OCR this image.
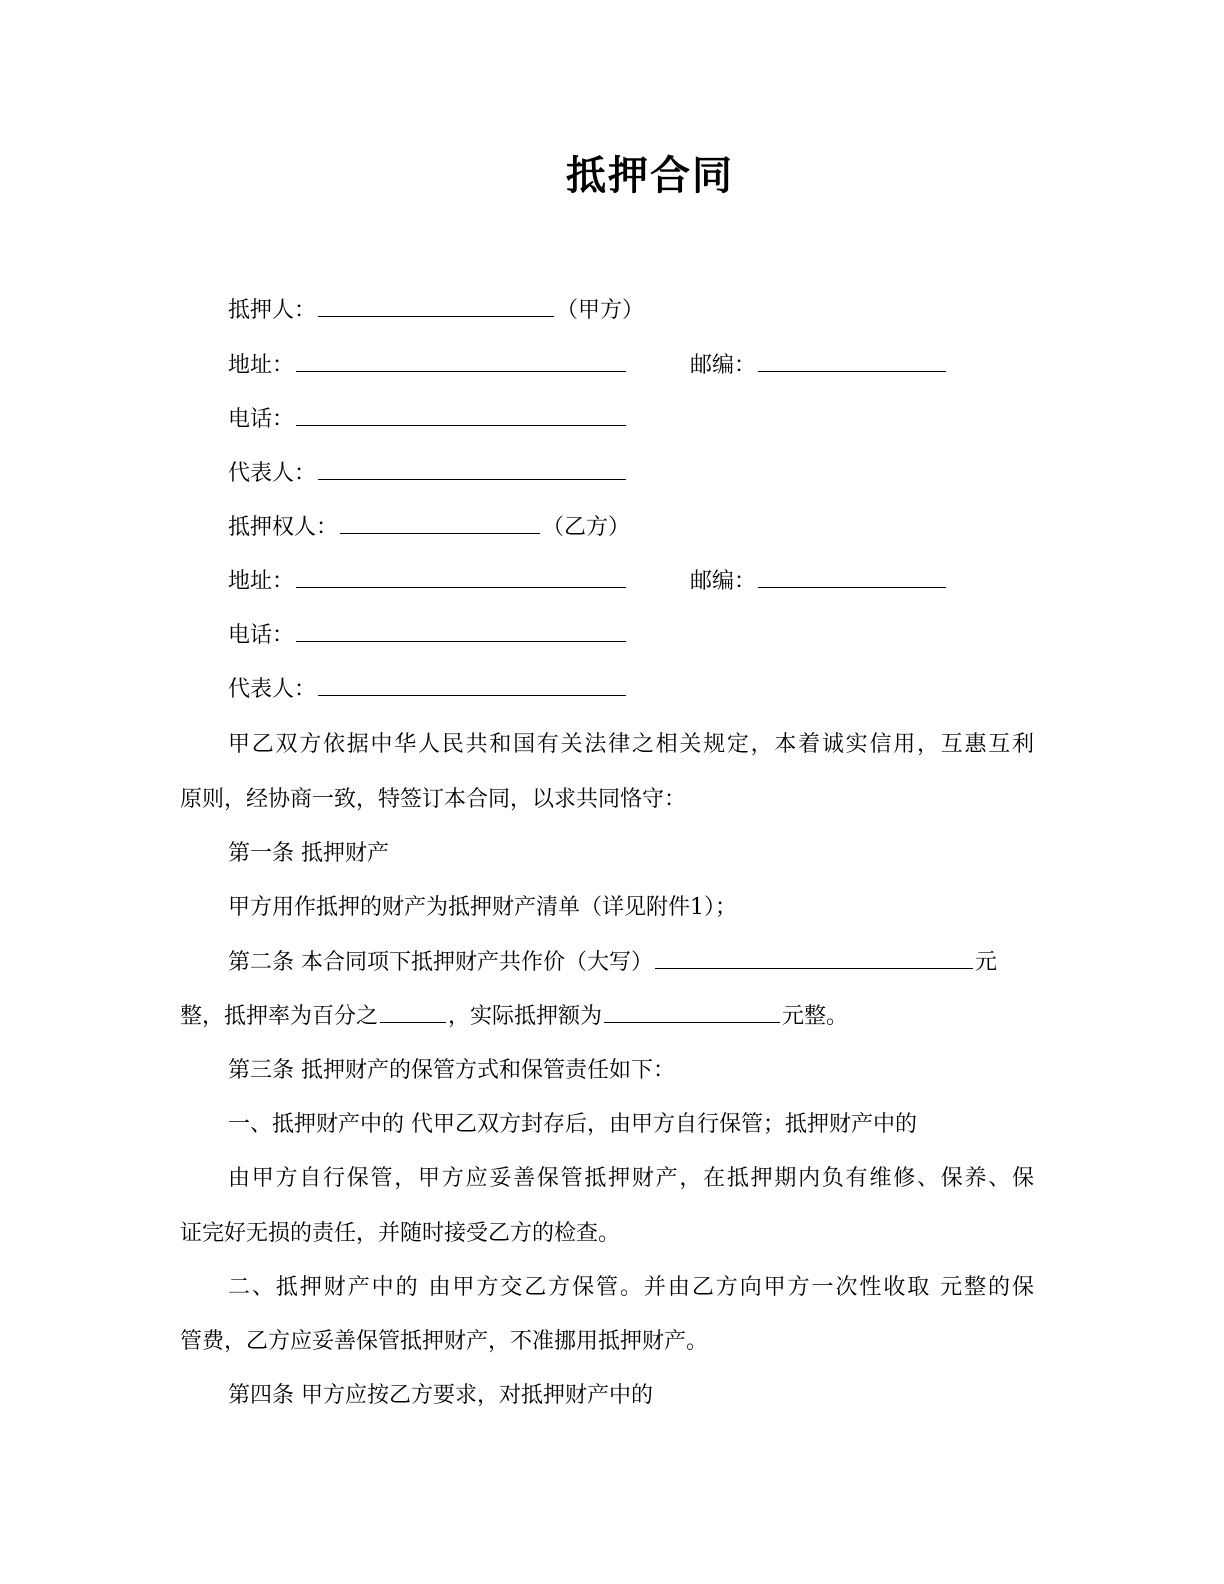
抵押合同
抵押人：	（甲方）
地址：	邮编：
电话：
代表人：
抵押权人：	（乙方）
地址：	邮编：
电话：
代表人：
甲乙双方依据中华人民共和国有关法律之相关规定，本着诚实信用，互惠互利
原则，经协商一致，特签订本合同，以求共同恪守：
第一条 抵押财产
甲方用作抵押的财产为抵押财产清单（详见附件1）；
第二条 本合同项下抵押财产共作价（大写）	元
整，抵押率为百分之	，实际抵押额为	元整。
第三条 抵押财产的保管方式和保管责任如下：
一、抵押财产中的 代甲乙双方封存后，由甲方自行保管；抵押财产中的
由甲方自行保管，甲方应妥善保管抵押财产，在抵押期内负有维修、保养、保
证完好无损的责任，并随时接受乙方的检查。
二、抵押财产中的 由甲方交乙方保管。并由乙方向甲方一次性收取 元整的保
管费，乙方应妥善保管抵押财产，不准挪用抵押财产。
第四条 甲方应按乙方要求，对抵押财产中的
